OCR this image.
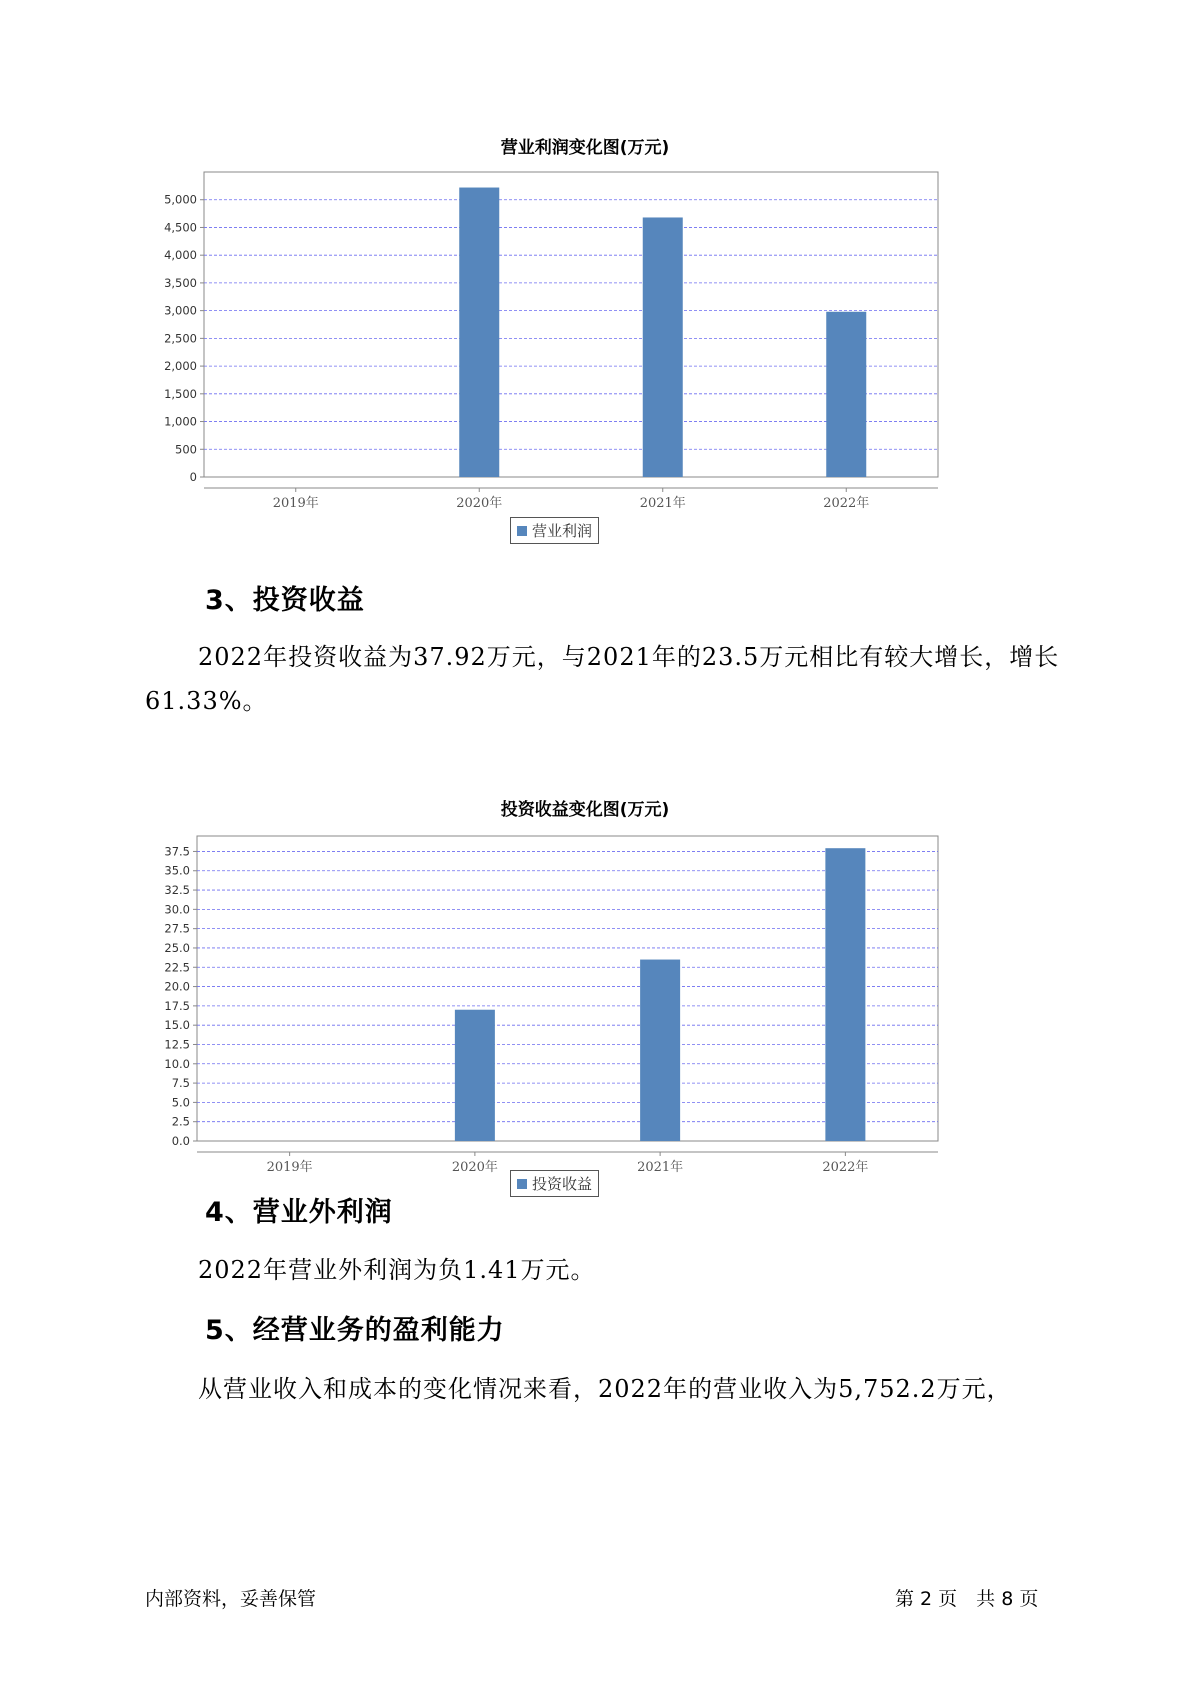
营业利润变化图(万元)
0
500
1,000
1,500
2,000
2,500
3,000
3,500
4,000
4,500
5,000
2019年	2020年	2021年	2022年
营业利润
3、投资收益
2022年投资收益为37.92万元，与2021年的23.5万元相比有较大增长，增长61.33%。
投资收益变化图(万元)
0.0
2.5
5.0
7.5
10.0
12.5
15.0
17.5
20.0
22.5
25.0
27.5
30.0
32.5
35.0
37.5
2019年	2020年	2021年	2022年
投资收益
4、营业外利润
2022年营业外利润为负1.41万元。
5、经营业务的盈利能力
从营业收入和成本的变化情况来看，2022年的营业收入为5,752.2万元，
内部资料，妥善保管	第 2 页　共 8 页
